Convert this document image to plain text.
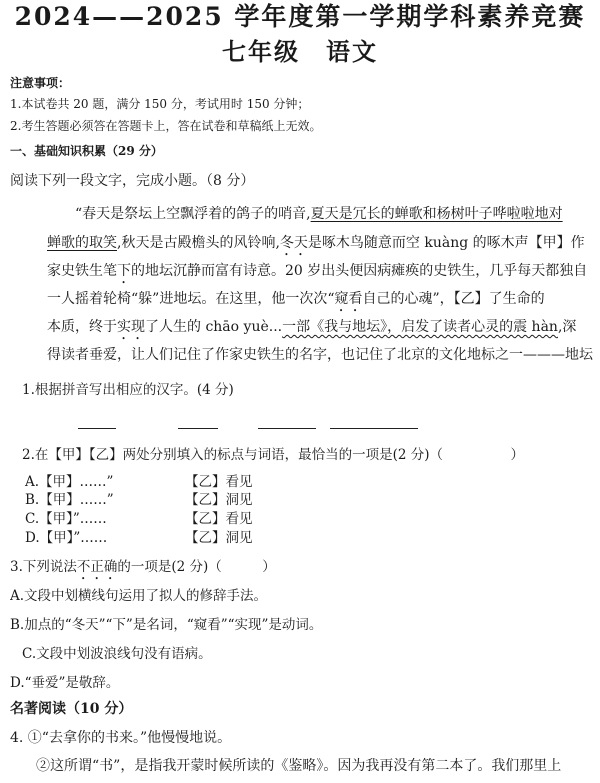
2024——2025 学年度第一学期学科素养竞赛
七年级　语文
注意事项：
1.本试卷共 20 题，满分 150 分，考试用时 150 分钟；
2.考生答题必须答在答题卡上，答在试卷和草稿纸上无效。
一、基础知识积累（29 分）
阅读下列一段文字，完成小题。（8 分）
“春天是祭坛上空飘浮着的鸽子的哨音,夏天是冗长的蝉歌和杨树叶子哗啦啦地对
蝉歌的取笑,秋天是古殿檐头的风铃响,冬天是啄木鸟随意而空 kuàng 的啄木声【甲】作
家史铁生笔下的地坛沉静而富有诗意。20 岁出头便因病瘫痪的史铁生，几乎每天都独自
一人摇着轮椅“躲”进地坛。在这里，他一次次“窥看自己的心魂”，【乙】了生命的
本质，终于实现了人生的 chāo yuè...一部《我与地坛》，启发了读者心灵的震 hàn,深
得读者垂爱，让人们记住了作家史铁生的名字，也记住了北京的文化地标之一———地坛
1.根据拼音写出相应的汉字。(4 分)
2.在【甲】【乙】两处分别填入的标点与词语，最恰当的一项是(2 分)（　　　　　）
A.【甲】……”	【乙】看见
B.【甲】……”	【乙】洞见
C.【甲】”……	【乙】看见
D.【甲】”……	【乙】洞见
3.下列说法不正确的一项是(2 分)（　　　）
A.文段中划横线句运用了拟人的修辞手法。
B.加点的“冬天”“下”是名词，“窥看”“实现”是动词。
C.文段中划波浪线句没有语病。
D.“垂爱”是敬辞。
名著阅读（10 分）
4. ①“去拿你的书来。”他慢慢地说。
②这所谓“书”，是指我开蒙时候所读的《鉴略》。因为我再没有第二本了。我们那里上
